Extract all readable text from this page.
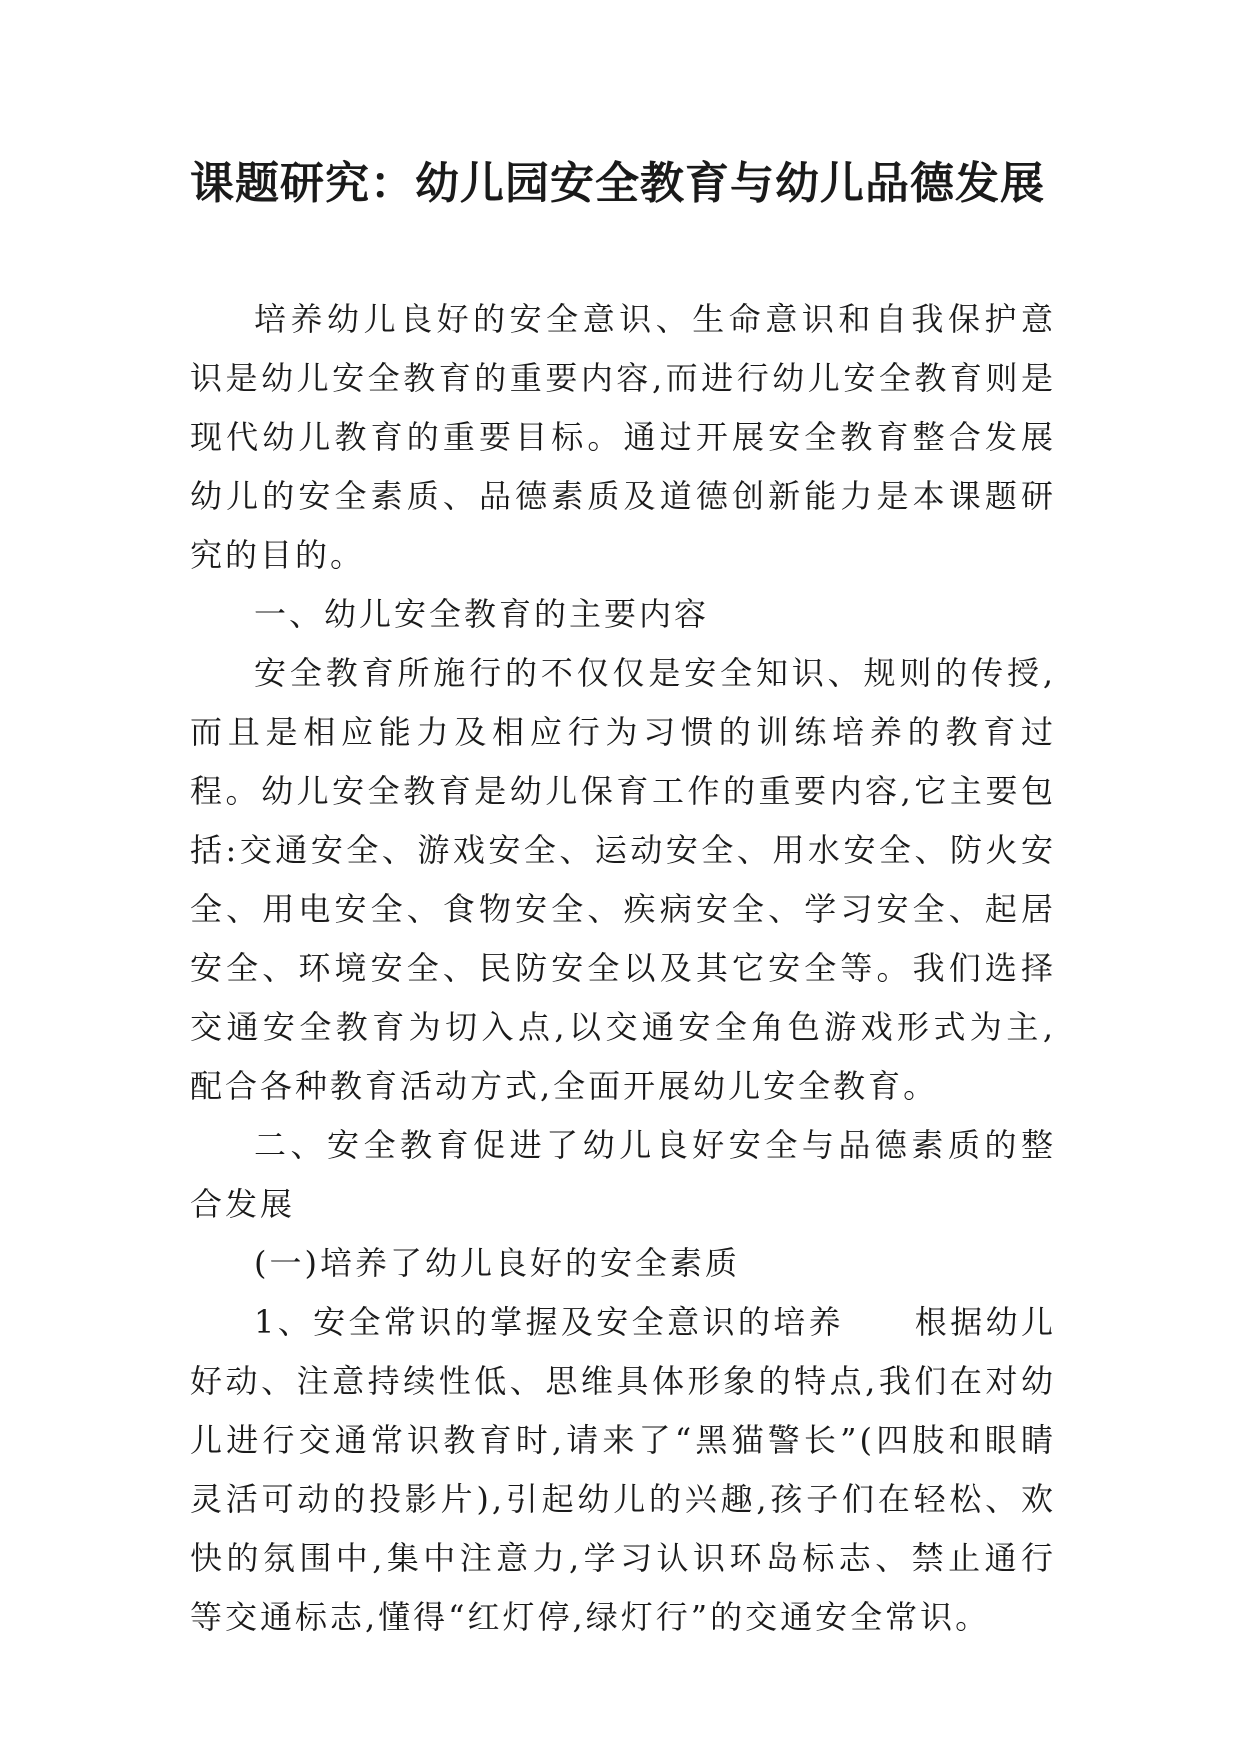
课题研究：幼儿园安全教育与幼儿品德发展

培养幼儿良好的安全意识、生命意识和自我保护意识是幼儿安全教育的重要内容,而进行幼儿安全教育则是现代幼儿教育的重要目标。通过开展安全教育整合发展幼儿的安全素质、品德素质及道德创新能力是本课题研究的目的。

一、幼儿安全教育的主要内容

安全教育所施行的不仅仅是安全知识、规则的传授,而且是相应能力及相应行为习惯的训练培养的教育过程。幼儿安全教育是幼儿保育工作的重要内容,它主要包括:交通安全、游戏安全、运动安全、用水安全、防火安全、用电安全、食物安全、疾病安全、学习安全、起居安全、环境安全、民防安全以及其它安全等。我们选择交通安全教育为切入点,以交通安全角色游戏形式为主,配合各种教育活动方式,全面开展幼儿安全教育。

二、安全教育促进了幼儿良好安全与品德素质的整合发展

(一)培养了幼儿良好的安全素质

1、安全常识的掌握及安全意识的培养　　根据幼儿好动、注意持续性低、思维具体形象的特点,我们在对幼儿进行交通常识教育时,请来了“黑猫警长”(四肢和眼睛灵活可动的投影片),引起幼儿的兴趣,孩子们在轻松、欢快的氛围中,集中注意力,学习认识环岛标志、禁止通行等交通标志,懂得“红灯停,绿灯行”的交通安全常识。
